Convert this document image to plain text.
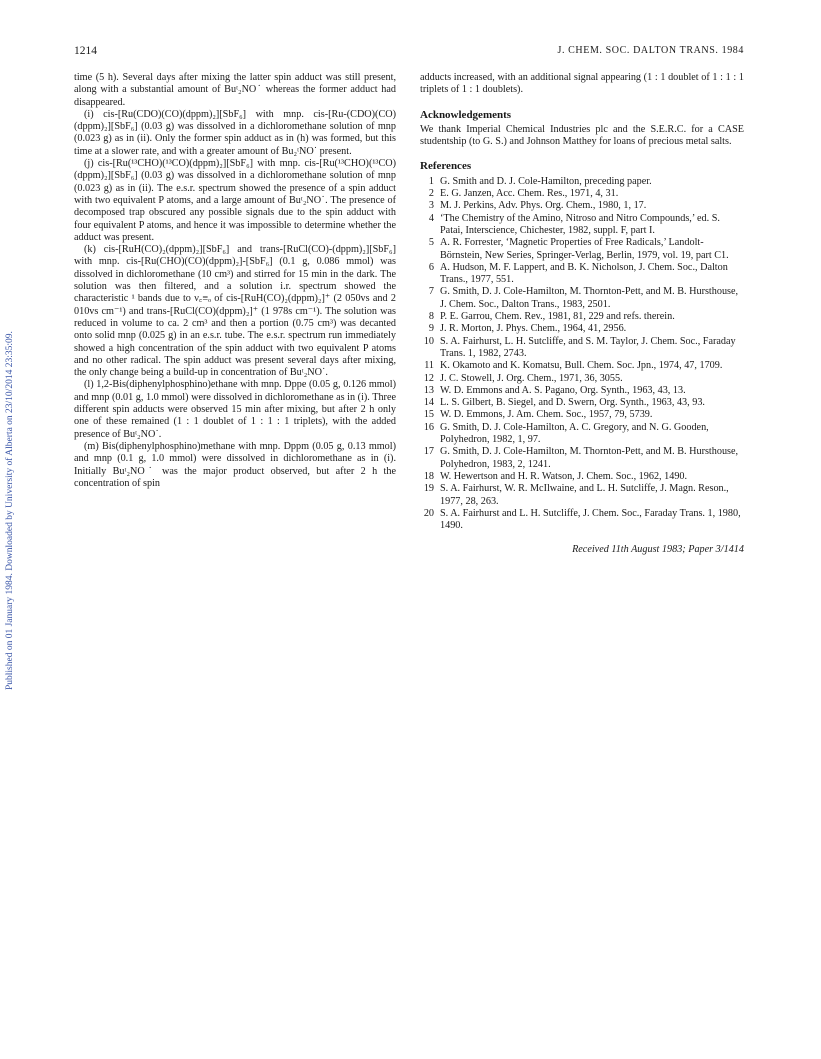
Published on 01 January 1984. Downloaded by University of Alberta on 23/10/2014 23:35:09.
1214	J. CHEM. SOC. DALTON TRANS. 1984

time (5 h). Several days after mixing the latter spin adduct was still present, along with a substantial amount of Buᵗ₂NO˙ whereas the former adduct had disappeared.

(i) cis-[Ru(CDO)(CO)(dppm)₂][SbF₆] with mnp. cis-[Ru-(CDO)(CO)(dppm)₂][SbF₆] (0.03 g) was dissolved in a dichloromethane solution of mnp (0.023 g) as in (ii). Only the former spin adduct as in (h) was formed, but this time at a slower rate, and with a greater amount of Bu₂ᵗNO˙ present.

(j) cis-[Ru(¹³CHO)(¹³CO)(dppm)₂][SbF₆] with mnp. cis-[Ru(¹³CHO)(¹³CO)(dppm)₂][SbF₆] (0.03 g) was dissolved in a dichloromethane solution of mnp (0.023 g) as in (ii). The e.s.r. spectrum showed the presence of a spin adduct with two equivalent P atoms, and a large amount of Buᵗ₂NO˙. The presence of decomposed trap obscured any possible signals due to the spin adduct with four equivalent P atoms, and hence it was impossible to determine whether the adduct was present.

(k) cis-[RuH(CO)₂(dppm)₂][SbF₆] and trans-[RuCl(CO)-(dppm)₂][SbF₆] with mnp. cis-[Ru(CHO)(CO)(dppm)₂]-[SbF₆] (0.1 g, 0.086 mmol) was dissolved in dichloromethane (10 cm³) and stirred for 15 min in the dark. The solution was then filtered, and a solution i.r. spectrum showed the characteristic ¹ bands due to ν꜀≡ₒ of cis-[RuH(CO)₂(dppm)₂]⁺ (2 050vs and 2 010vs cm⁻¹) and trans-[RuCl(CO)(dppm)₂]⁺ (1 978s cm⁻¹). The solution was reduced in volume to ca. 2 cm³ and then a portion (0.75 cm³) was decanted onto solid mnp (0.025 g) in an e.s.r. tube. The e.s.r. spectrum run immediately showed a high concentration of the spin adduct with two equivalent P atoms and no other radical. The spin adduct was present several days after mixing, the only change being a build-up in concentration of Buᵗ₂NO˙.

(l) 1,2-Bis(diphenylphosphino)ethane with mnp. Dppe (0.05 g, 0.126 mmol) and mnp (0.01 g, 1.0 mmol) were dissolved in dichloromethane as in (i). Three different spin adducts were observed 15 min after mixing, but after 2 h only one of these remained (1 : 1 doublet of 1 : 1 : 1 triplets), with the added presence of Buᵗ₂NO˙.

(m) Bis(diphenylphosphino)methane with mnp. Dppm (0.05 g, 0.13 mmol) and mnp (0.1 g, 1.0 mmol) were dissolved in dichloromethane as in (i). Initially Buᵗ₂NO˙ was the major product observed, but after 2 h the concentration of spin

adducts increased, with an additional signal appearing (1 : 1 doublet of 1 : 1 : 1 triplets of 1 : 1 doublets).

Acknowledgements

We thank Imperial Chemical Industries plc and the S.E.R.C. for a CASE studentship (to G. S.) and Johnson Matthey for loans of precious metal salts.

References
1 G. Smith and D. J. Cole-Hamilton, preceding paper.
2 E. G. Janzen, Acc. Chem. Res., 1971, 4, 31.
3 M. J. Perkins, Adv. Phys. Org. Chem., 1980, 1, 17.
4 ‘The Chemistry of the Amino, Nitroso and Nitro Compounds,’ ed. S. Patai, Interscience, Chichester, 1982, suppl. F, part I.
5 A. R. Forrester, ‘Magnetic Properties of Free Radicals,’ Landolt-Börnstein, New Series, Springer-Verlag, Berlin, 1979, vol. 19, part C1.
6 A. Hudson, M. F. Lappert, and B. K. Nicholson, J. Chem. Soc., Dalton Trans., 1977, 551.
7 G. Smith, D. J. Cole-Hamilton, M. Thornton-Pett, and M. B. Hursthouse, J. Chem. Soc., Dalton Trans., 1983, 2501.
8 P. E. Garrou, Chem. Rev., 1981, 81, 229 and refs. therein.
9 J. R. Morton, J. Phys. Chem., 1964, 41, 2956.
10 S. A. Fairhurst, L. H. Sutcliffe, and S. M. Taylor, J. Chem. Soc., Faraday Trans. 1, 1982, 2743.
11 K. Okamoto and K. Komatsu, Bull. Chem. Soc. Jpn., 1974, 47, 1709.
12 J. C. Stowell, J. Org. Chem., 1971, 36, 3055.
13 W. D. Emmons and A. S. Pagano, Org. Synth., 1963, 43, 13.
14 L. S. Gilbert, B. Siegel, and D. Swern, Org. Synth., 1963, 43, 93.
15 W. D. Emmons, J. Am. Chem. Soc., 1957, 79, 5739.
16 G. Smith, D. J. Cole-Hamilton, A. C. Gregory, and N. G. Gooden, Polyhedron, 1982, 1, 97.
17 G. Smith, D. J. Cole-Hamilton, M. Thornton-Pett, and M. B. Hursthouse, Polyhedron, 1983, 2, 1241.
18 W. Hewertson and H. R. Watson, J. Chem. Soc., 1962, 1490.
19 S. A. Fairhurst, W. R. McIlwaine, and L. H. Sutcliffe, J. Magn. Reson., 1977, 28, 263.
20 S. A. Fairhurst and L. H. Sutcliffe, J. Chem. Soc., Faraday Trans. 1, 1980, 1490.
Received 11th August 1983; Paper 3/1414
